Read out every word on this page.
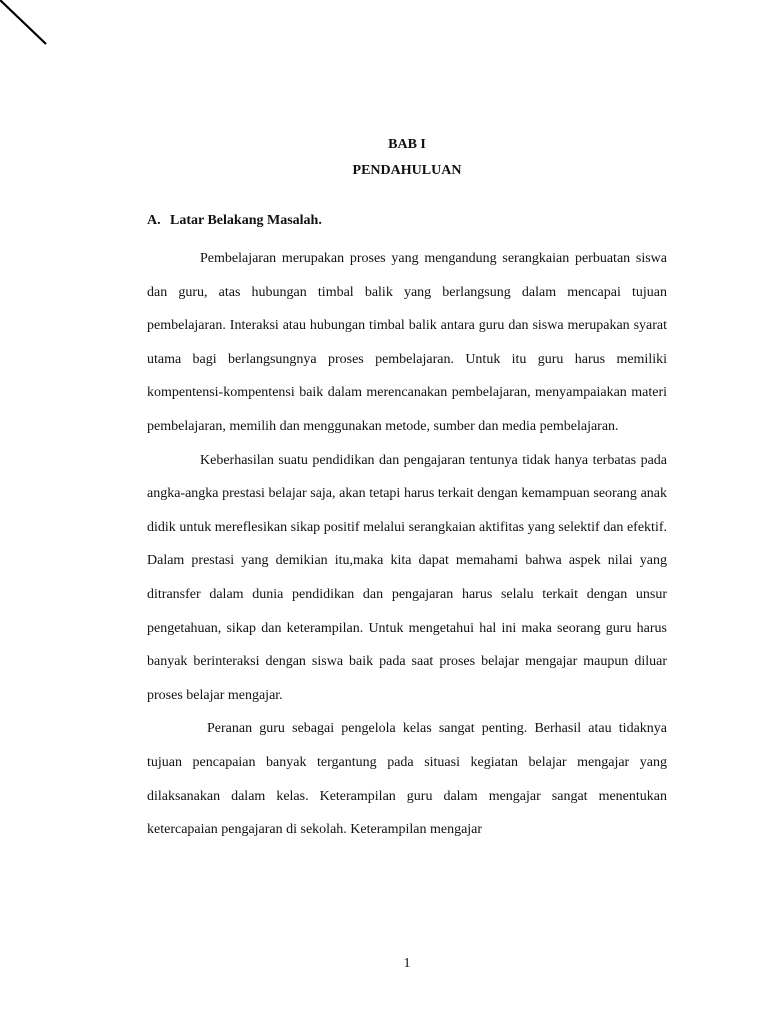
BAB I
PENDAHULUAN
A. Latar Belakang Masalah.

Pembelajaran merupakan proses yang mengandung serangkaian perbuatan siswa dan guru, atas hubungan timbal balik yang berlangsung dalam mencapai tujuan pembelajaran. Interaksi atau hubungan timbal balik antara guru dan siswa merupakan syarat utama bagi berlangsungnya proses pembelajaran. Untuk itu guru harus memiliki kompentensi-kompentensi baik dalam merencanakan pembelajaran, menyampaiakan materi pembelajaran, memilih dan menggunakan metode, sumber dan media pembelajaran.

Keberhasilan suatu pendidikan dan pengajaran tentunya tidak hanya terbatas pada angka-angka prestasi belajar saja, akan tetapi harus terkait dengan kemampuan seorang anak didik untuk mereflesikan sikap positif melalui serangkaian aktifitas yang selektif dan efektif. Dalam prestasi yang demikian itu,maka kita dapat memahami bahwa aspek nilai yang ditransfer dalam dunia pendidikan dan pengajaran harus selalu terkait dengan unsur pengetahuan, sikap dan keterampilan. Untuk mengetahui hal ini maka seorang guru harus banyak berinteraksi dengan siswa baik pada saat proses belajar mengajar maupun diluar proses belajar mengajar.

Peranan guru sebagai pengelola kelas sangat penting. Berhasil atau tidaknya tujuan pencapaian banyak tergantung pada situasi kegiatan belajar mengajar yang dilaksanakan dalam kelas. Keterampilan guru dalam mengajar sangat menentukan ketercapaian pengajaran di sekolah. Keterampilan mengajar

1
